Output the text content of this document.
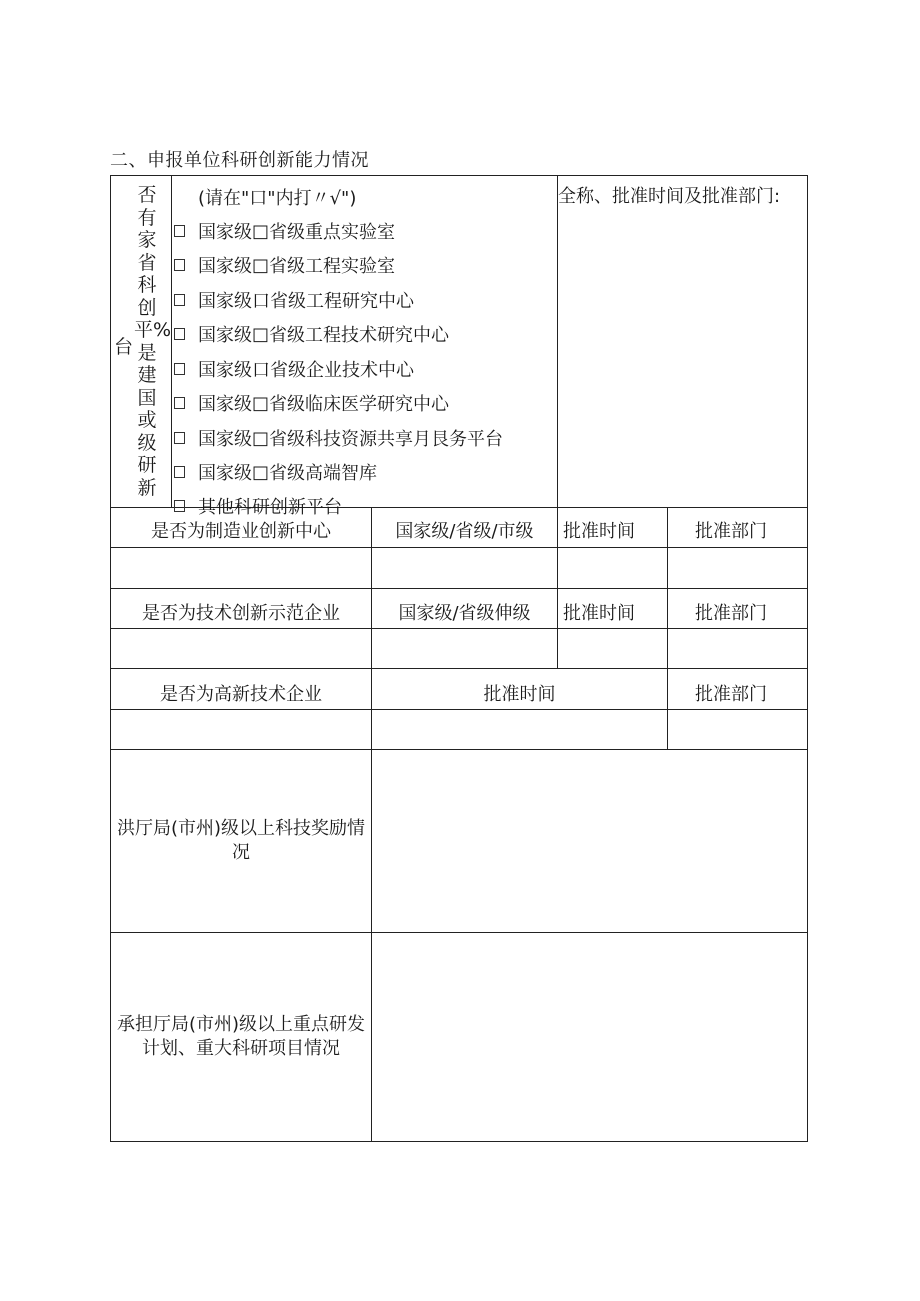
二、申报单位科研创新能力情况
台
否有家省科创平%是建国或级研新
(请在"口"内打〃√")
国家级 □ 省级重点实验室
国家级 □ 省级工程实验室
国家级 口 省级工程研究中心
国家级 □ 省级工程技术研究中心
国家级 口 省级企业技术中心
国家级 □ 省级临床医学研究中心
国家级 □ 省级科技资源共享月艮务平台
国家级 □ 省级高端智库
其他科研创新平台
全称、批准时间及批准部门:
是否为制造业创新中心	国家级/省级/市级	批准时间	批准部门
是否为技术创新示范企业	国家级/省级伸级	批准时间	批准部门
是否为高新技术企业	批准时间	批准部门
洪厅局(市州)级以上科技奖励情况
承担厅局(市州)级以上重点研发计划、重大科研项目情况
